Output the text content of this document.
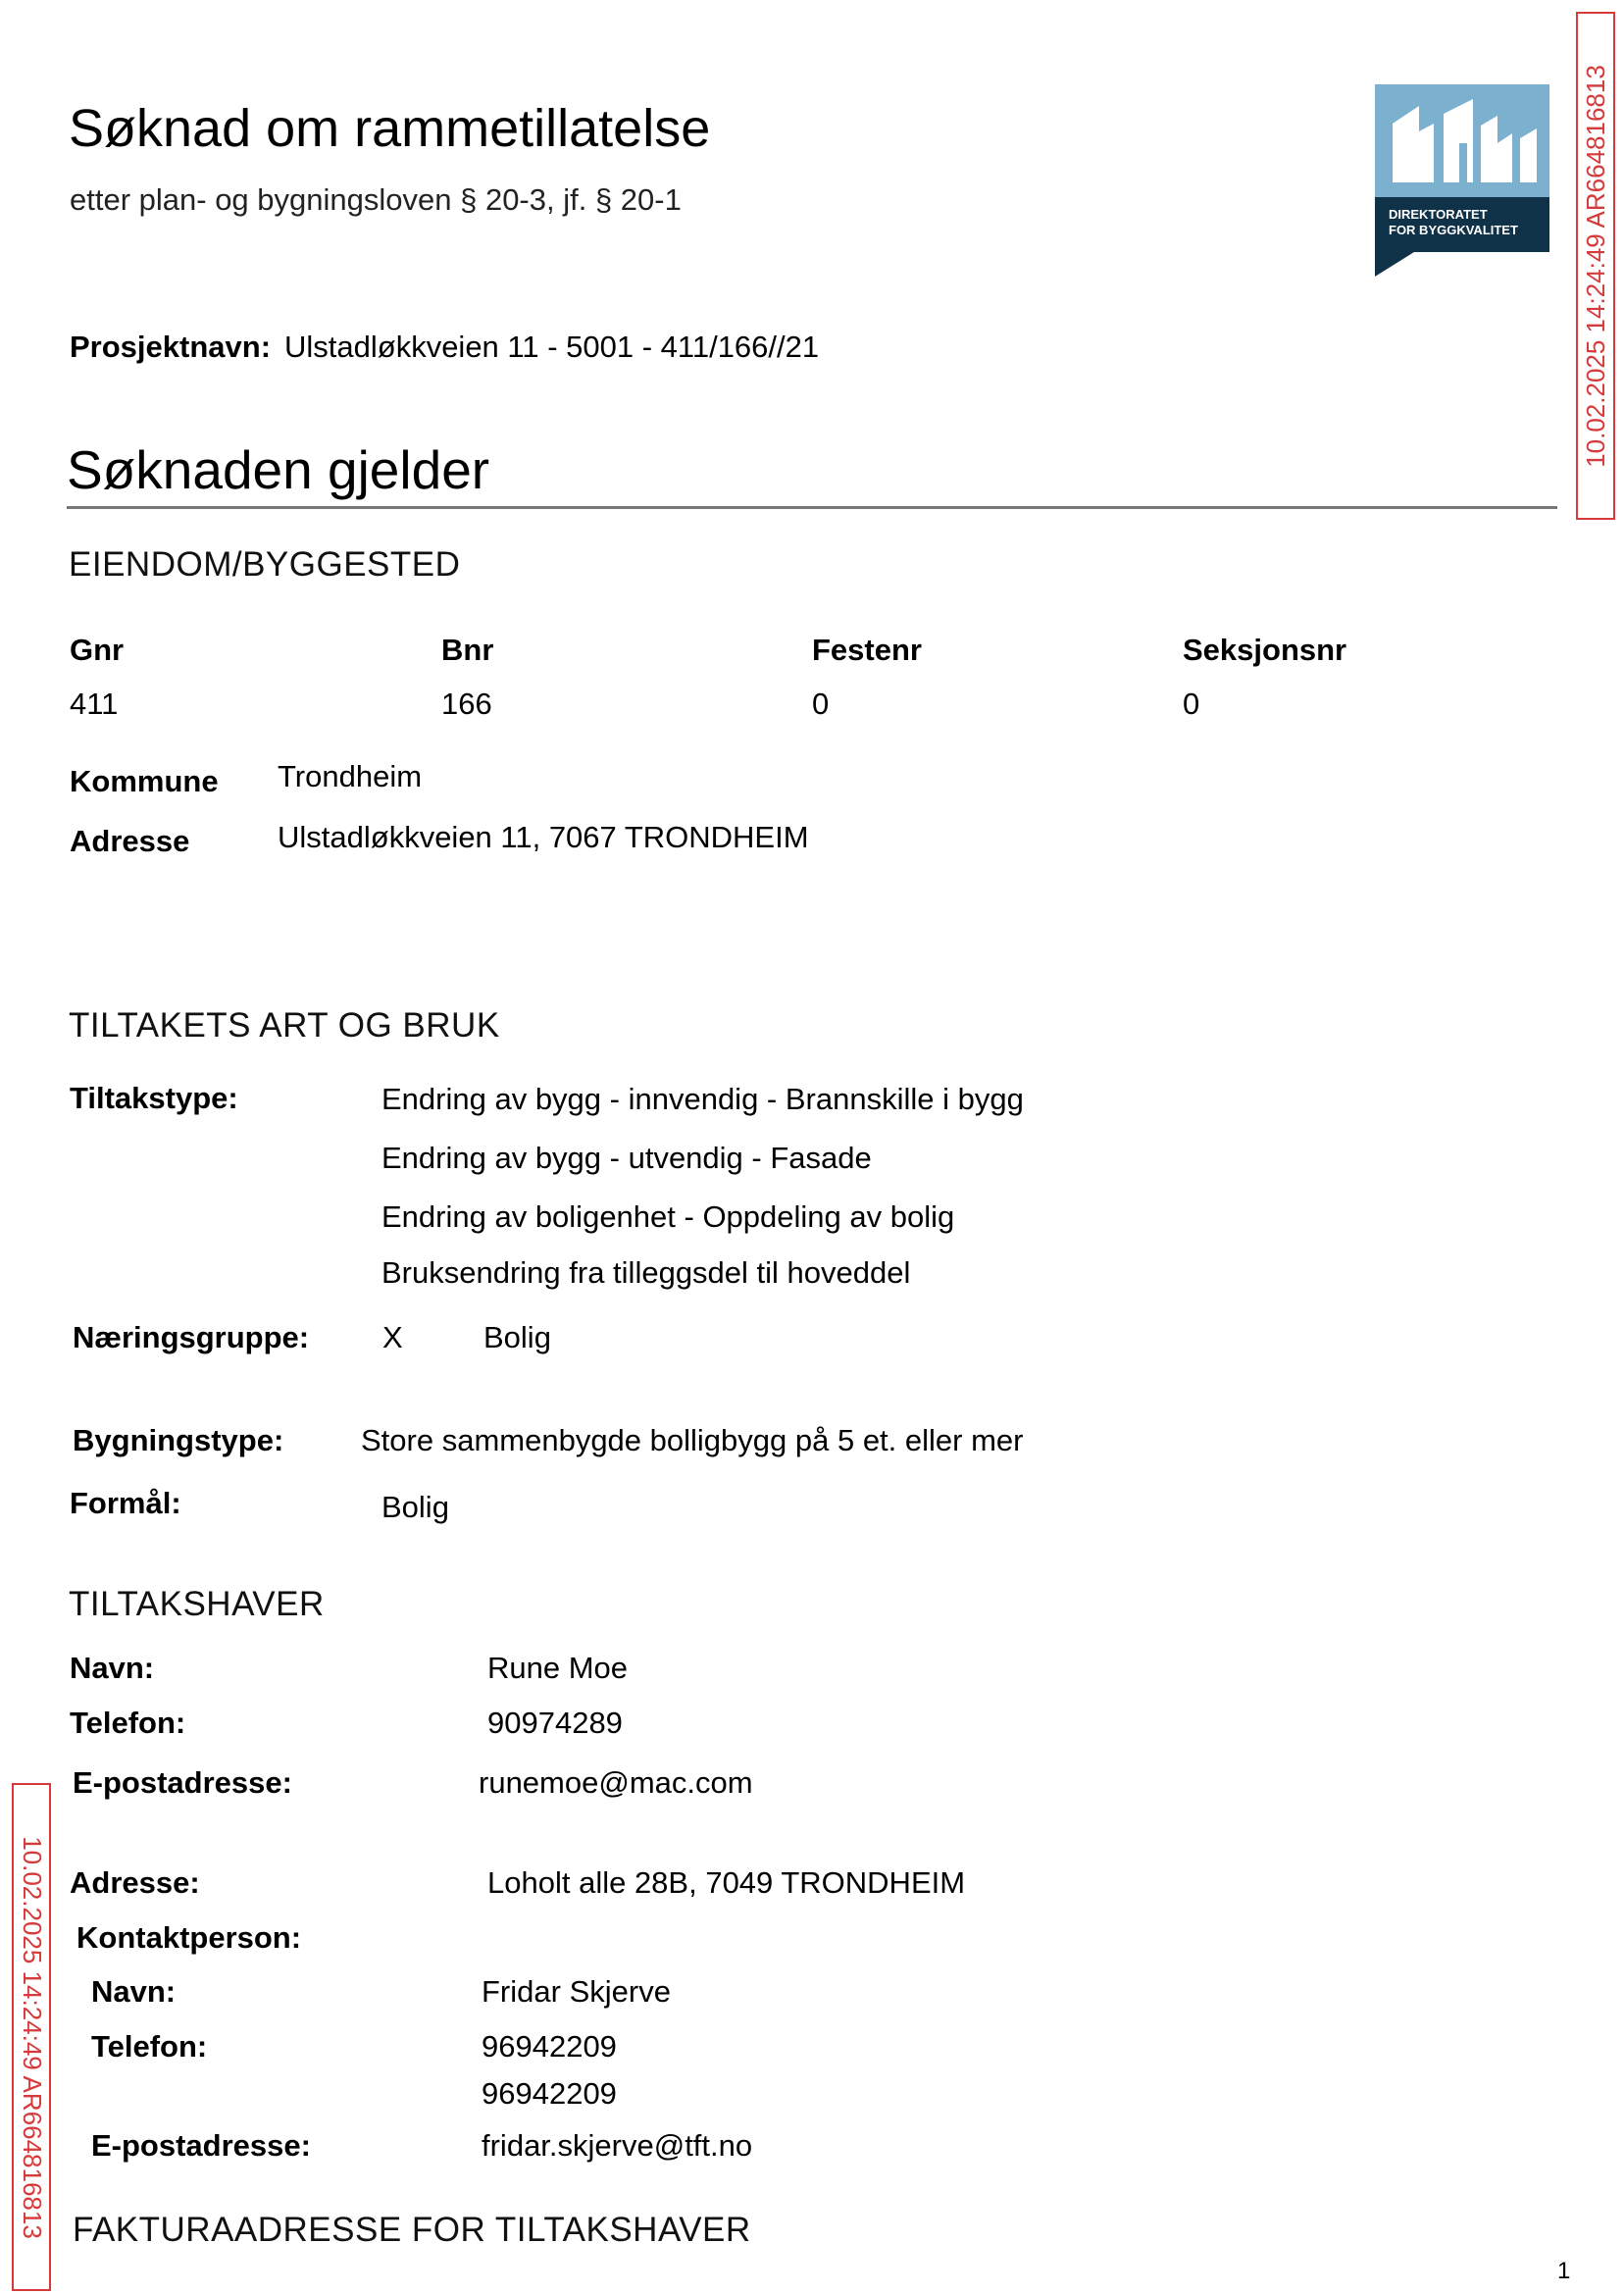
Søknad om rammetillatelse
etter plan- og bygningsloven § 20-3, jf. § 20-1	DIREKTORATET
FOR BYGGKVALITET	10.02.2025 14:24:49 AR664816813
10.02.2025 14:24:49 AR664816813
Prosjektnavn: Ulstadløkkveien 11 - 5001 - 411/166//21
Søknaden gjelder
EIENDOM/BYGGESTED
Gnr	Bnr	Festenr	Seksjonsnr
411	166	0	0
Kommune Trondheim
Adresse	Ulstadløkkveien 11, 7067 TRONDHEIM
TILTAKETS ART OG BRUK
Tiltakstype:	Endring av bygg - innvendig - Brannskille i bygg
Endring av bygg - utvendig - Fasade
Endring av boligenhet - Oppdeling av bolig
Bruksendring fra tilleggsdel til hoveddel
Næringsgruppe: X	Bolig
Bygningstype:	Store sammenbygde bolligbygg på 5 et. eller mer
Formål:	Bolig
TILTAKSHAVER
Navn:	Rune Moe
Telefon:	90974289
E-postadresse:	runemoe@mac.com
Adresse:	Loholt alle 28B, 7049 TRONDHEIM
Kontaktperson:
Navn:	Fridar Skjerve
Telefon:	96942209
96942209
E-postadresse:	fridar.skjerve@tft.no
FAKTURAADRESSE FOR TILTAKSHAVER
1
